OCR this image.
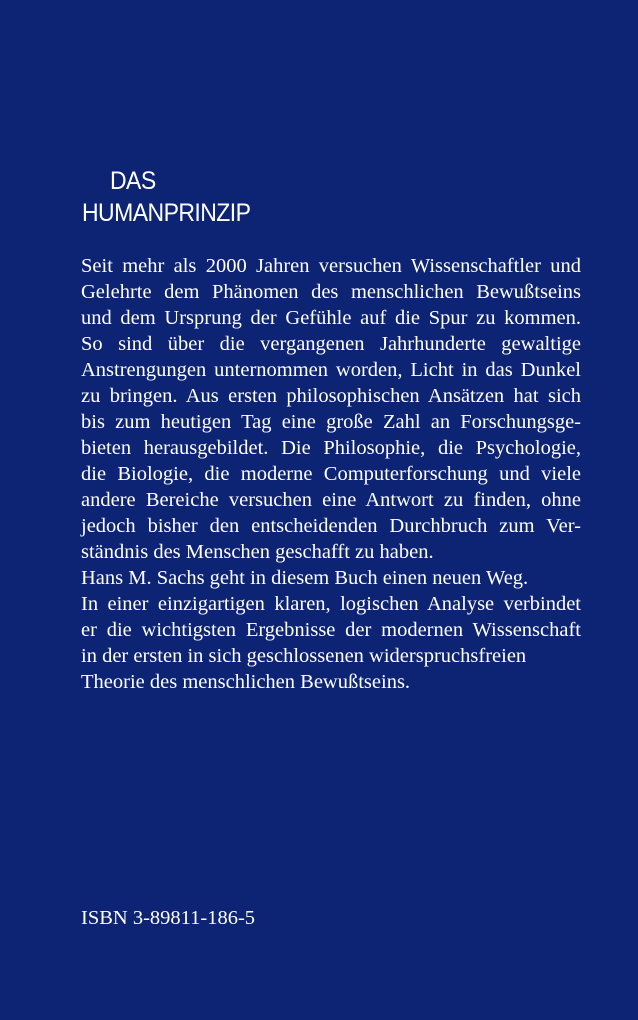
DAS
HUMANPRINZIP
Seit mehr als 2000 Jahren versuchen Wissenschaftler und
Gelehrte dem Phänomen des menschlichen Bewußtseins
und dem Ursprung der Gefühle auf die Spur zu kommen.
So sind über die vergangenen Jahrhunderte gewaltige
Anstrengungen unternommen worden, Licht in das Dunkel
zu bringen. Aus ersten philosophischen Ansätzen hat sich
bis zum heutigen Tag eine große Zahl an Forschungsge-
bieten herausgebildet. Die Philosophie, die Psychologie,
die Biologie, die moderne Computerforschung und viele
andere Bereiche versuchen eine Antwort zu finden, ohne
jedoch bisher den entscheidenden Durchbruch zum Ver-
ständnis des Menschen geschafft zu haben.
Hans M. Sachs geht in diesem Buch einen neuen Weg.
In einer einzigartigen klaren, logischen Analyse verbindet
er die wichtigsten Ergebnisse der modernen Wissenschaft
in der ersten in sich geschlossenen widerspruchsfreien
Theorie des menschlichen Bewußtseins.
ISBN 3-89811-186-5
